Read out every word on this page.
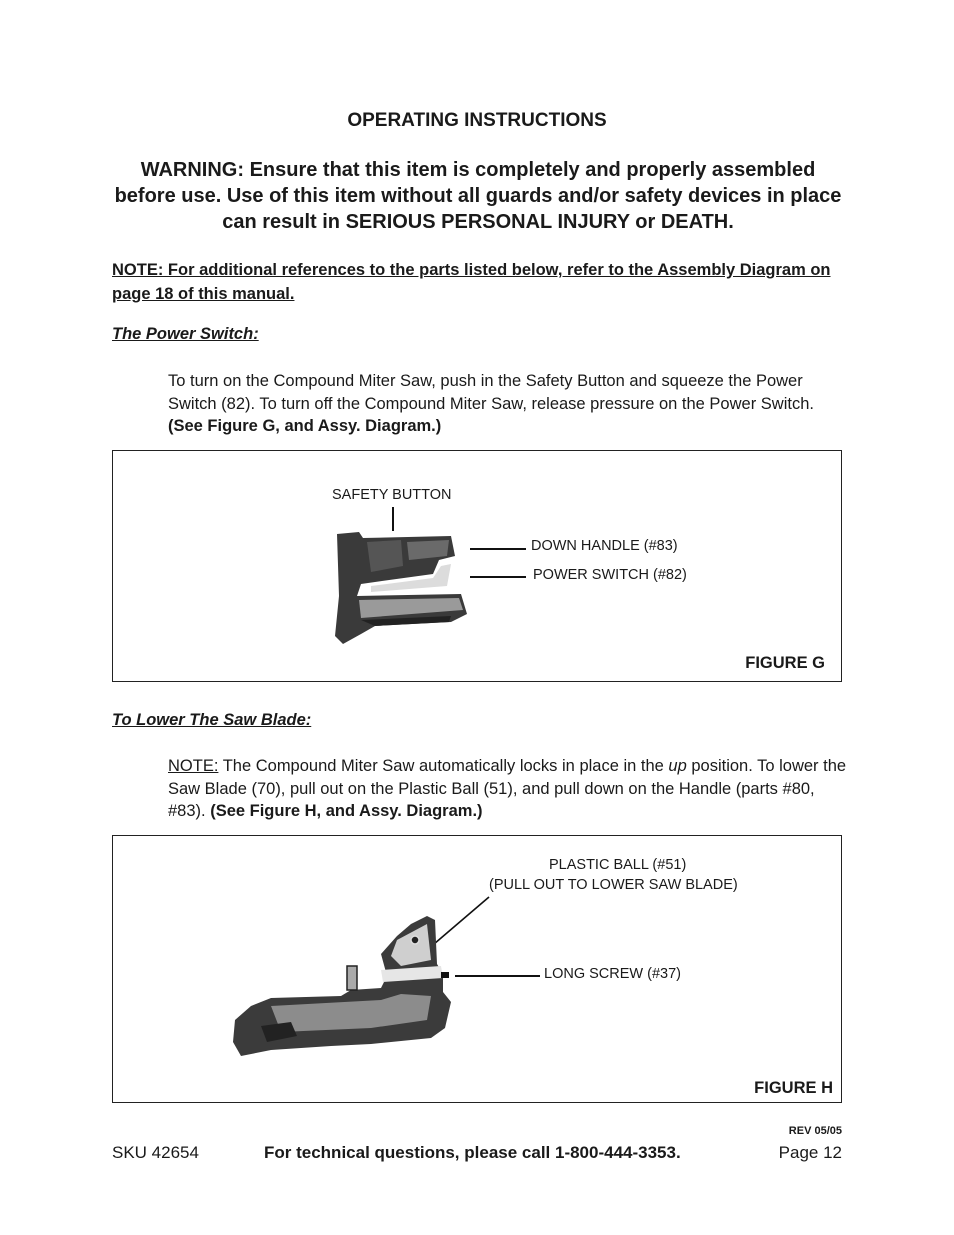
OPERATING INSTRUCTIONS
WARNING: Ensure that this item is completely and properly assembled before use. Use of this item without all guards and/or safety devices in place can result in SERIOUS PERSONAL INJURY or DEATH.
NOTE: For additional references to the parts listed below, refer to the Assembly Diagram on page 18 of this manual.
The Power Switch:
To turn on the Compound Miter Saw, push in the Safety Button and squeeze the Power Switch (82). To turn off the Compound Miter Saw, release pressure on the Power Switch. (See Figure G, and Assy. Diagram.)
SAFETY BUTTON
DOWN HANDLE (#83)
POWER SWITCH (#82)
FIGURE G
To Lower The Saw Blade:
NOTE: The Compound Miter Saw automatically locks in place in the up position. To lower the Saw Blade (70), pull out on the Plastic Ball (51), and pull down on the Handle (parts #80, #83). (See Figure H, and Assy. Diagram.)
PLASTIC BALL (#51)
(PULL OUT TO LOWER SAW BLADE)
LONG SCREW (#37)
FIGURE H
REV 05/05
SKU 42654	For technical questions, please call 1-800-444-3353.	Page 12
